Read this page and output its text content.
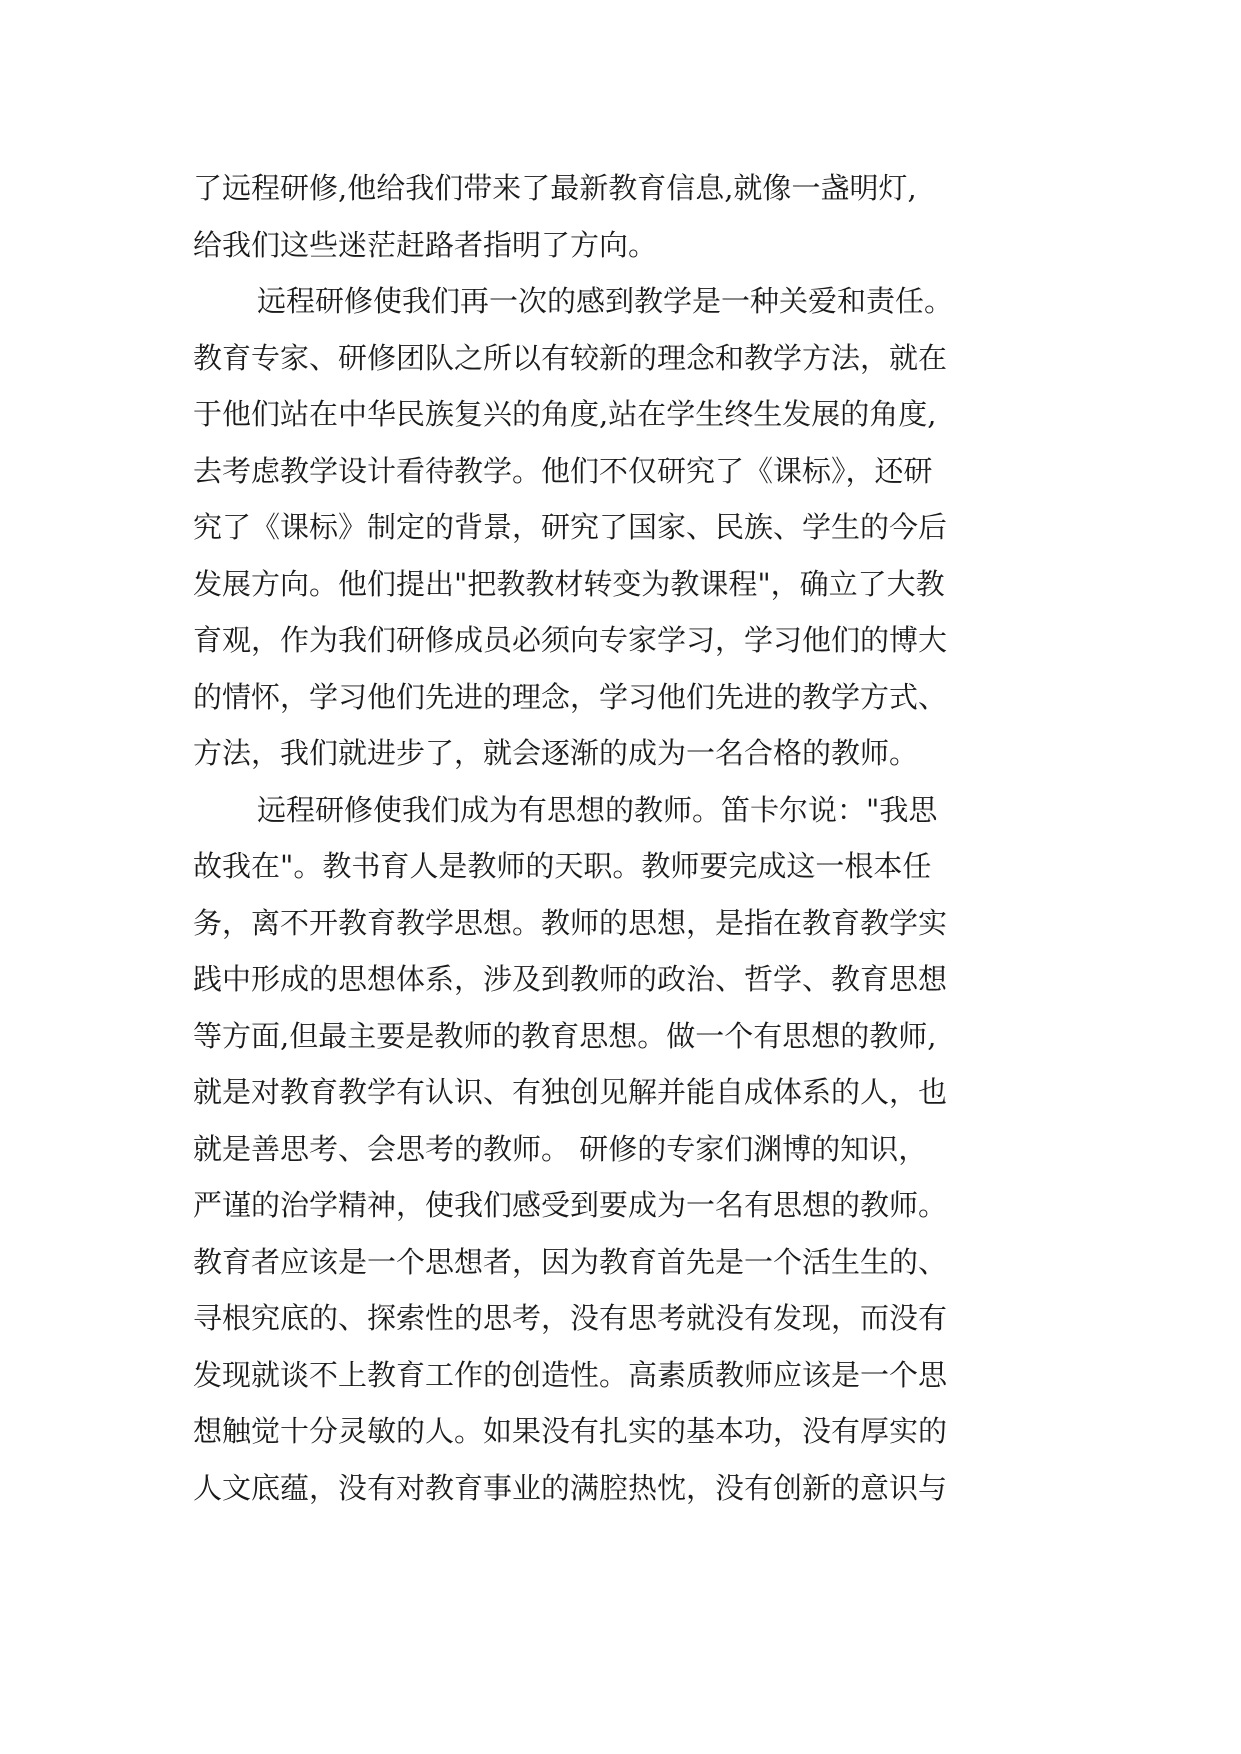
了远程研修,他给我们带来了最新教育信息,就像一盏明灯,
给我们这些迷茫赶路者指明了方向。
远程研修使我们再一次的感到教学是一种关爱和责任。
教育专家、研修团队之所以有较新的理念和教学方法，就在
于他们站在中华民族复兴的角度,站在学生终生发展的角度,
去考虑教学设计看待教学。他们不仅研究了《课标》，还研
究了《课标》制定的背景，研究了国家、民族、学生的今后
发展方向。他们提出"把教教材转变为教课程"，确立了大教
育观，作为我们研修成员必须向专家学习，学习他们的博大
的情怀，学习他们先进的理念，学习他们先进的教学方式、
方法，我们就进步了，就会逐渐的成为一名合格的教师。
远程研修使我们成为有思想的教师。笛卡尔说："我思
故我在"。教书育人是教师的天职。教师要完成这一根本任
务，离不开教育教学思想。教师的思想，是指在教育教学实
践中形成的思想体系，涉及到教师的政治、哲学、教育思想
等方面,但最主要是教师的教育思想。做一个有思想的教师,
就是对教育教学有认识、有独创见解并能自成体系的人，也
就是善思考、会思考的教师。 研修的专家们渊博的知识，
严谨的治学精神，使我们感受到要成为一名有思想的教师。
教育者应该是一个思想者，因为教育首先是一个活生生的、
寻根究底的、探索性的思考，没有思考就没有发现，而没有
发现就谈不上教育工作的创造性。高素质教师应该是一个思
想触觉十分灵敏的人。如果没有扎实的基本功，没有厚实的
人文底蕴，没有对教育事业的满腔热忱，没有创新的意识与
